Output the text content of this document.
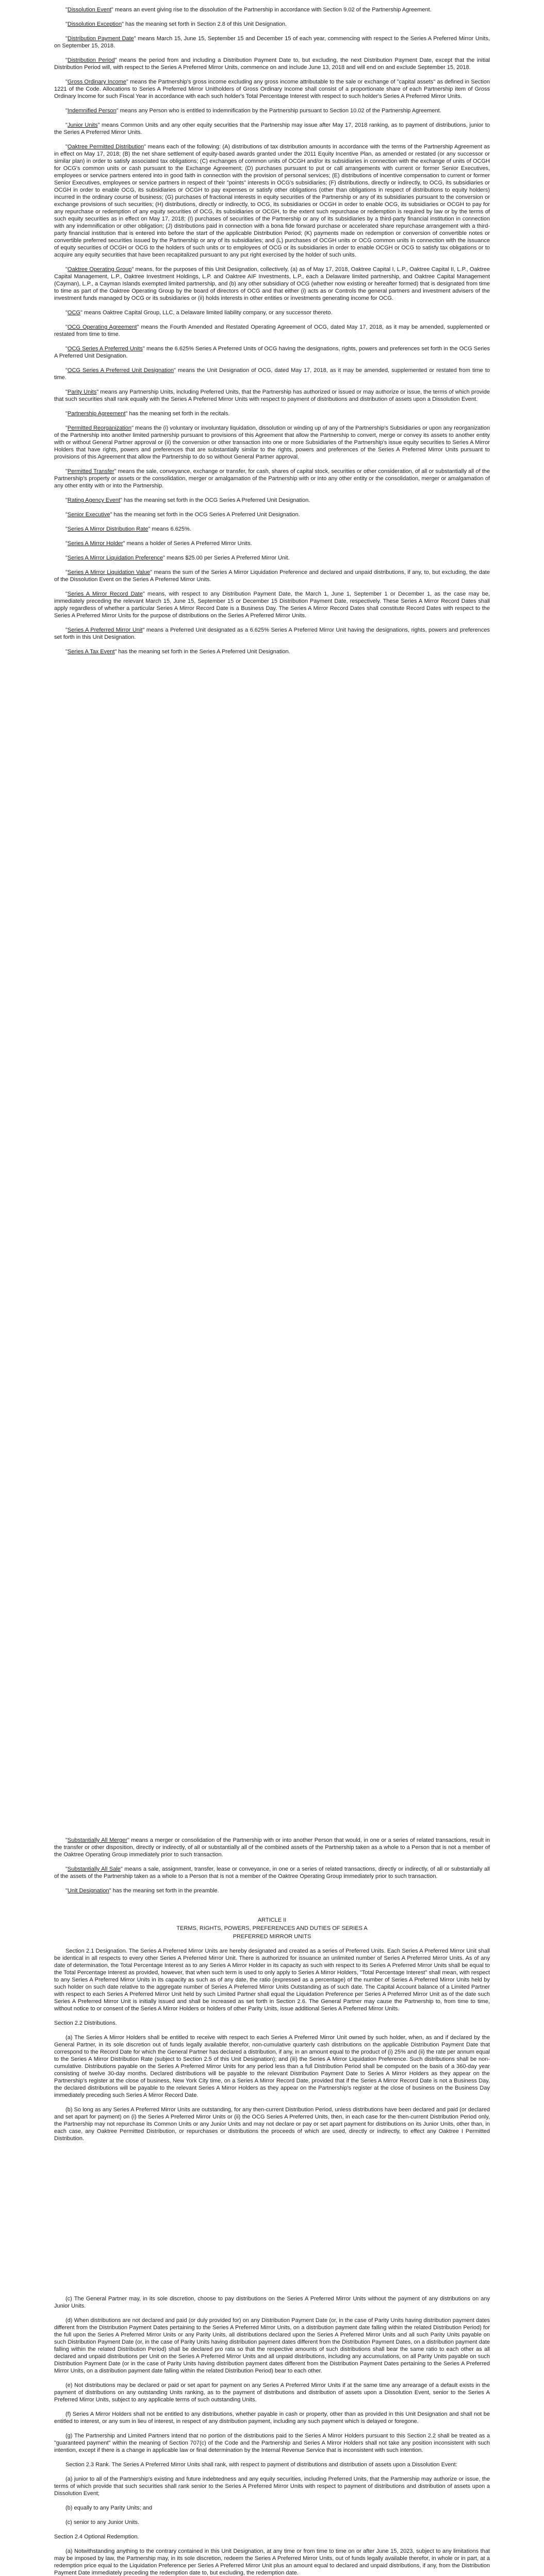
"Dissolution Event" means an event giving rise to the dissolution of the Partnership in accordance with Section 9.02 of the Partnership Agreement.

"Dissolution Exception" has the meaning set forth in Section 2.8 of this Unit Designation.

"Distribution Payment Date" means March 15, June 15, September 15 and December 15 of each year, commencing with respect to the Series A Preferred Mirror Units, on September 15, 2018.

"Distribution Period" means the period from and including a Distribution Payment Date to, but excluding, the next Distribution Payment Date, except that the initial Distribution Period will, with respect to the Series A Preferred Mirror Units, commence on and include June 13, 2018 and will end on and exclude September 15, 2018.

"Gross Ordinary Income" means the Partnership's gross income excluding any gross income attributable to the sale or exchange of "capital assets" as defined in Section 1221 of the Code. Allocations to Series A Preferred Mirror Unitholders of Gross Ordinary Income shall consist of a proportionate share of each Partnership item of Gross Ordinary Income for such Fiscal Year in accordance with each such holder's Total Percentage Interest with respect to such holder's Series A Preferred Mirror Units.

"Indemnified Person" means any Person who is entitled to indemnification by the Partnership pursuant to Section 10.02 of the Partnership Agreement.

"Junior Units" means Common Units and any other equity securities that the Partnership may issue after May 17, 2018 ranking, as to payment of distributions, junior to the Series A Preferred Mirror Units.

"Oaktree Permitted Distribution" means each of the following: (A) distributions of tax distribution amounts in accordance with the terms of the Partnership Agreement as in effect on May 17, 2018; (B) the net share settlement of equity-based awards granted under the 2011 Equity Incentive Plan, as amended or restated (or any successor or similar plan) in order to satisfy associated tax obligations; (C) exchanges of common units of OCGH and/or its subsidiaries in connection with the exchange of units of OCGH for OCG's common units or cash pursuant to the Exchange Agreement; (D) purchases pursuant to put or call arrangements with current or former Senior Executives, employees or service partners entered into in good faith in connection with the provision of personal services; (E) distributions of incentive compensation to current or former Senior Executives, employees or service partners in respect of their "points" interests in OCG's subsidiaries; (F) distributions, directly or indirectly, to OCG, its subsidiaries or OCGH in order to enable OCG, its subsidiaries or OCGH to pay expenses or satisfy other obligations (other than obligations in respect of distributions to equity holders) incurred in the ordinary course of business; (G) purchases of fractional interests in equity securities of the Partnership or any of its subsidiaries pursuant to the conversion or exchange provisions of such securities; (H) distributions, directly or indirectly, to OCG, its subsidiaries or OCGH in order to enable OCG, its subsidiaries or OCGH to pay for any repurchase or redemption of any equity securities of OCG, its subsidiaries or OCGH, to the extent such repurchase or redemption is required by law or by the terms of such equity securities as in effect on May 17, 2018; (I) purchases of securities of the Partnership or any of its subsidiaries by a third-party financial institution in connection with any indemnification or other obligation; (J) distributions paid in connection with a bona fide forward purchase or accelerated share repurchase arrangement with a third-party financial institution that is entered into before the start of the applicable Distribution Period; (K) payments made on redemption or conversion of convertible notes or convertible preferred securities issued by the Partnership or any of its subsidiaries; and (L) purchases of OCGH units or OCG common units in connection with the issuance of equity securities of OCGH or OCG to the holders of such units or to employees of OCG or its subsidiaries in order to enable OCGH or OCG to satisfy tax obligations or to acquire any equity securities that have been recapitalized pursuant to any put right exercised by the holder of such units.

"Oaktree Operating Group" means, for the purposes of this Unit Designation, collectively, (a) as of May 17, 2018, Oaktree Capital I, L.P., Oaktree Capital II, L.P., Oaktree Capital Management, L.P., Oaktree Investment Holdings, L.P. and Oaktree AIF Investments, L.P., each a Delaware limited partnership, and Oaktree Capital Management (Cayman), L.P., a Cayman Islands exempted limited partnership, and (b) any other subsidiary of OCG (whether now existing or hereafter formed) that is designated from time to time as part of the Oaktree Operating Group by the board of directors of OCG and that either (i) acts as or Controls the general partners and investment advisers of the investment funds managed by OCG or its subsidiaries or (ii) holds interests in other entities or investments generating income for OCG.

"OCG" means Oaktree Capital Group, LLC, a Delaware limited liability company, or any successor thereto.

"OCG Operating Agreement" means the Fourth Amended and Restated Operating Agreement of OCG, dated May 17, 2018, as it may be amended, supplemented or restated from time to time.

"OCG Series A Preferred Units" means the 6.625% Series A Preferred Units of OCG having the designations, rights, powers and preferences set forth in the OCG Series A Preferred Unit Designation.

"OCG Series A Preferred Unit Designation" means the Unit Designation of OCG, dated May 17, 2018, as it may be amended, supplemented or restated from time to time.

"Parity Units" means any Partnership Units, including Preferred Units, that the Partnership has authorized or issued or may authorize or issue, the terms of which provide that such securities shall rank equally with the Series A Preferred Mirror Units with respect to payment of distributions and distribution of assets upon a Dissolution Event.

"Partnership Agreement" has the meaning set forth in the recitals.

"Permitted Reorganization" means the (i) voluntary or involuntary liquidation, dissolution or winding up of any of the Partnership's Subsidiaries or upon any reorganization of the Partnership into another limited partnership pursuant to provisions of this Agreement that allow the Partnership to convert, merge or convey its assets to another entity with or without General Partner approval or (ii) the conversion or other transaction into one or more Subsidiaries of the Partnership's issue equity securities to Series A Mirror Holders that have rights, powers and preferences that are substantially similar to the rights, powers and preferences of the Series A Preferred Mirror Units pursuant to provisions of this Agreement that allow the Partnership to do so without General Partner approval.

"Permitted Transfer" means the sale, conveyance, exchange or transfer, for cash, shares of capital stock, securities or other consideration, of all or substantially all of the Partnership's property or assets or the consolidation, merger or amalgamation of the Partnership with or into any other entity or the consolidation, merger or amalgamation of any other entity with or into the Partnership.

"Rating Agency Event" has the meaning set forth in the OCG Series A Preferred Unit Designation.

"Senior Executive" has the meaning set forth in the OCG Series A Preferred Unit Designation.

"Series A Mirror Distribution Rate" means 6.625%.

"Series A Mirror Holder" means a holder of Series A Preferred Mirror Units.

"Series A Mirror Liquidation Preference" means $25.00 per Series A Preferred Mirror Unit.

"Series A Mirror Liquidation Value" means the sum of the Series A Mirror Liquidation Preference and declared and unpaid distributions, if any, to, but excluding, the date of the Dissolution Event on the Series A Preferred Mirror Units.

"Series A Mirror Record Date" means, with respect to any Distribution Payment Date, the March 1, June 1, September 1 or December 1, as the case may be, immediately preceding the relevant March 15, June 15, September 15 or December 15 Distribution Payment Date, respectively. These Series A Mirror Record Dates shall apply regardless of whether a particular Series A Mirror Record Date is a Business Day. The Series A Mirror Record Dates shall constitute Record Dates with respect to the Series A Preferred Mirror Units for the purpose of distributions on the Series A Preferred Mirror Units.

"Series A Preferred Mirror Unit" means a Preferred Unit designated as a 6.625% Series A Preferred Mirror Unit having the designations, rights, powers and preferences set forth in this Unit Designation.

"Series A Tax Event" has the meaning set forth in the Series A Preferred Unit Designation.

"Substantially All Merger" means a merger or consolidation of the Partnership with or into another Person that would, in one or a series of related transactions, result in the transfer or other disposition, directly or indirectly, of all or substantially all of the combined assets of the Partnership taken as a whole to a Person that is not a member of the Oaktree Operating Group immediately prior to such transaction.

"Substantially All Sale" means a sale, assignment, transfer, lease or conveyance, in one or a series of related transactions, directly or indirectly, of all or substantially all of the assets of the Partnership taken as a whole to a Person that is not a member of the Oaktree Operating Group immediately prior to such transaction.

"Unit Designation" has the meaning set forth in the preamble.

ARTICLE II

TERMS, RIGHTS, POWERS, PREFERENCES AND DUTIES OF SERIES A

PREFERRED MIRROR UNITS

Section 2.1 Designation. The Series A Preferred Mirror Units are hereby designated and created as a series of Preferred Units. Each Series A Preferred Mirror Unit shall be identical in all respects to every other Series A Preferred Mirror Unit. There is authorized for issuance an unlimited number of Series A Preferred Mirror Units. As of any date of determination, the Total Percentage Interest as to any Series A Mirror Holder in its capacity as such with respect to its Series A Preferred Mirror Units shall be equal to the Total Percentage Interest as provided, however, that when such term is used to only apply to Series A Mirror Holders, "Total Percentage Interest" shall mean, with respect to any Series A Preferred Mirror Units in its capacity as such as of any date, the ratio (expressed as a percentage) of the number of Series A Preferred Mirror Units held by such holder on such date relative to the aggregate number of Series A Preferred Mirror Units Outstanding as of such date. The Capital Account balance of a Limited Partner with respect to each Series A Preferred Mirror Unit held by such Limited Partner shall equal the Liquidation Preference per Series A Preferred Mirror Unit as of the date such Series A Preferred Mirror Unit is initially issued and shall be increased as set forth in Section 2.6. The General Partner may cause the Partnership to, from time to time, without notice to or consent of the Series A Mirror Holders or holders of other Parity Units, issue additional Series A Preferred Mirror Units.

Section 2.2 Distributions.

(a) The Series A Mirror Holders shall be entitled to receive with respect to each Series A Preferred Mirror Unit owned by such holder, when, as and if declared by the General Partner, in its sole discretion out of funds legally available therefor, non-cumulative quarterly cash distributions on the applicable Distribution Payment Date that correspond to the Record Date for which the General Partner has declared a distribution, if any, in an amount equal to the product of (i) 25% and (ii) the rate per annum equal to the Series A Mirror Distribution Rate (subject to Section 2.5 of this Unit Designation); and (iii) the Series A Mirror Liquidation Preference. Such distributions shall be non-cumulative. Distributions payable on the Series A Preferred Mirror Units for any period less than a full Distribution Period shall be computed on the basis of a 360-day year consisting of twelve 30-day months. Declared distributions will be payable to the relevant Distribution Payment Date to Series A Mirror Holders as they appear on the Partnership's register at the close of business, New York City time, on a Series A Mirror Record Date, provided that if the Series A Mirror Record Date is not a Business Day, the declared distributions will be payable to the relevant Series A Mirror Holders as they appear on the Partnership's register at the close of business on the Business Day immediately preceding such Series A Mirror Record Date.

(b) So long as any Series A Preferred Mirror Units are outstanding, for any then-current Distribution Period, unless distributions have been declared and paid (or declared and set apart for payment) on (i) the Series A Preferred Mirror Units or (ii) the OCG Series A Preferred Units, then, in each case for the then-current Distribution Period only, the Partnership may not repurchase its Common Units or any Junior Units and may not declare or pay or set apart payment for distributions on its Junior Units, other than, in each case, any Oaktree Permitted Distribution, or repurchases or distributions the proceeds of which are used, directly or indirectly, to effect any Oaktree I Permitted Distribution.

(c) The General Partner may, in its sole discretion, choose to pay distributions on the Series A Preferred Mirror Units without the payment of any distributions on any Junior Units.

(d) When distributions are not declared and paid (or duly provided for) on any Distribution Payment Date (or, in the case of Parity Units having distribution payment dates different from the Distribution Payment Dates pertaining to the Series A Preferred Mirror Units, on a distribution payment date falling within the related Distribution Period) for the full upon the Series A Preferred Mirror Units or any Parity Units, all distributions declared upon the Series A Preferred Mirror Units and all such Parity Units payable on such Distribution Payment Date (or, in the case of Parity Units having distribution payment dates different from the Distribution Payment Dates, on a distribution payment date falling within the related Distribution Period) shall be declared pro rata so that the respective amounts of such distributions shall bear the same ratio to each other as all declared and unpaid distributions per Unit on the Series A Preferred Mirror Units and all unpaid distributions, including any accumulations, on all Parity Units payable on such Distribution Payment Date (or in the case of Parity Units having distribution payment dates different from the Distribution Payment Dates pertaining to the Series A Preferred Mirror Units, on a distribution payment date falling within the related Distribution Period) bear to each other.

(e) Not distributions may be declared or paid or set apart for payment on any Series A Preferred Mirror Units if at the same time any arrearage of a default exists in the payment of distributions on any outstanding Units ranking, as to the payment of distributions and distribution of assets upon a Dissolution Event, senior to the Series A Preferred Mirror Units, subject to any applicable terms of such outstanding Units.

(f) Series A Mirror Holders shall not be entitled to any distributions, whether payable in cash or property, other than as provided in this Unit Designation and shall not be entitled to interest, or any sum in lieu of interest, in respect of any distribution payment, including any such payment which is delayed or foregone.

(g) The Partnership and Limited Partners intend that no portion of the distributions paid to the Series A Mirror Holders pursuant to this Section 2.2 shall be treated as a "guaranteed payment" within the meaning of Section 707(c) of the Code and the Partnership and Series A Mirror Holders shall not take any position inconsistent with such intention, except if there is a change in applicable law or final determination by the Internal Revenue Service that is inconsistent with such intention.

Section 2.3 Rank. The Series A Preferred Mirror Units shall rank, with respect to payment of distributions and distribution of assets upon a Dissolution Event:

(a) junior to all of the Partnership's existing and future indebtedness and any equity securities, including Preferred Units, that the Partnership may authorize or issue, the terms of which provide that such securities shall rank senior to the Series A Preferred Mirror Units with respect to payment of distributions and distribution of assets upon a Dissolution Event;

(b) equally to any Parity Units; and

(c) senior to any Junior Units.

Section 2.4 Optional Redemption.

(a) Notwithstanding anything to the contrary contained in this Unit Designation, at any time or from time to time on or after June 15, 2023, subject to any limitations that may be imposed by law, the Partnership may, in its sole discretion, redeem the Series A Preferred Mirror Units, out of funds legally available therefor, in whole or in part, at a redemption price equal to the Liquidation Preference per Series A Preferred Mirror Unit plus an amount equal to declared and unpaid distributions, if any, from the Distribution Payment Date immediately preceding the redemption date to, but excluding, the redemption date.
